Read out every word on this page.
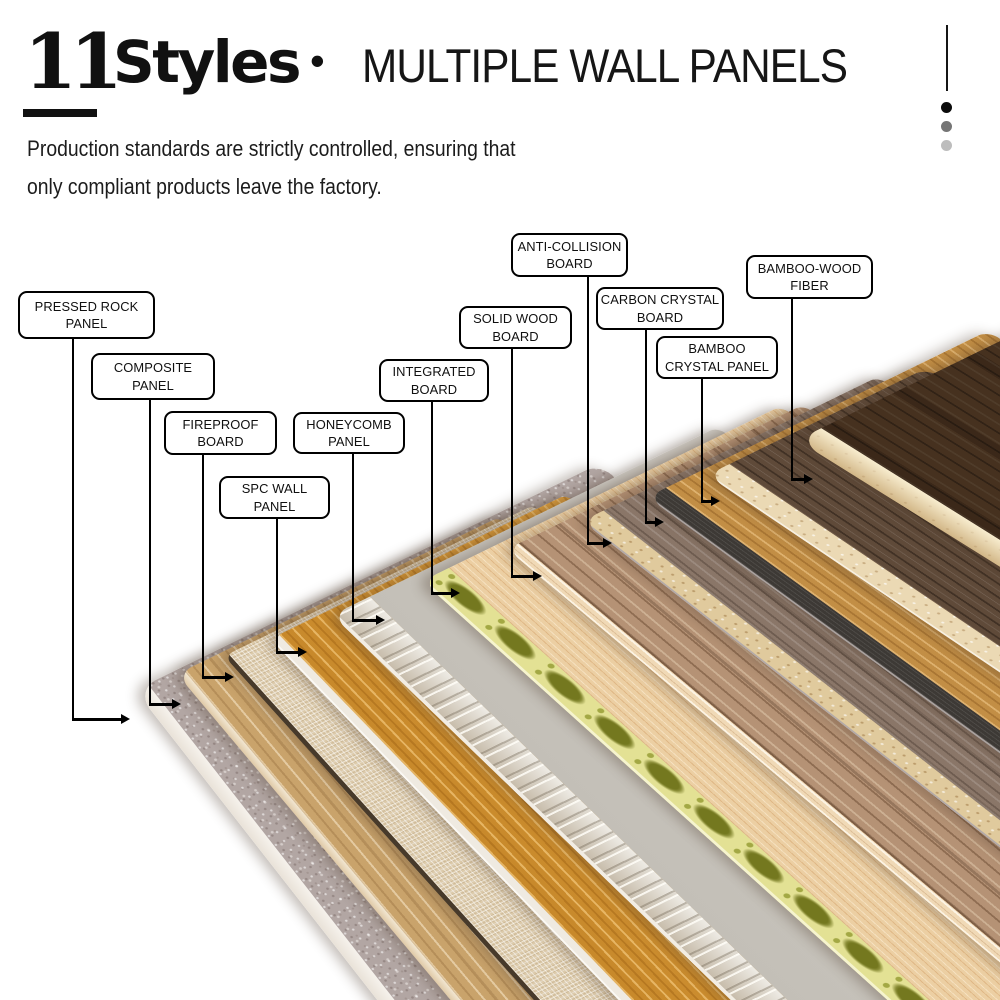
PRESSED ROCK
PANEL
COMPOSITE
PANEL
FIREPROOF
BOARD
SPC WALL
PANEL
HONEYCOMB
PANEL
INTEGRATED
BOARD
SOLID WOOD
BOARD
ANTI-COLLISION
BOARD
CARBON CRYSTAL
BOARD
BAMBOO
CRYSTAL PANEL
BAMBOO-WOOD
FIBER
11
Styles • MULTIPLE WALL PANELS
Production standards are strictly controlled, ensuring that
only compliant products leave the factory.
